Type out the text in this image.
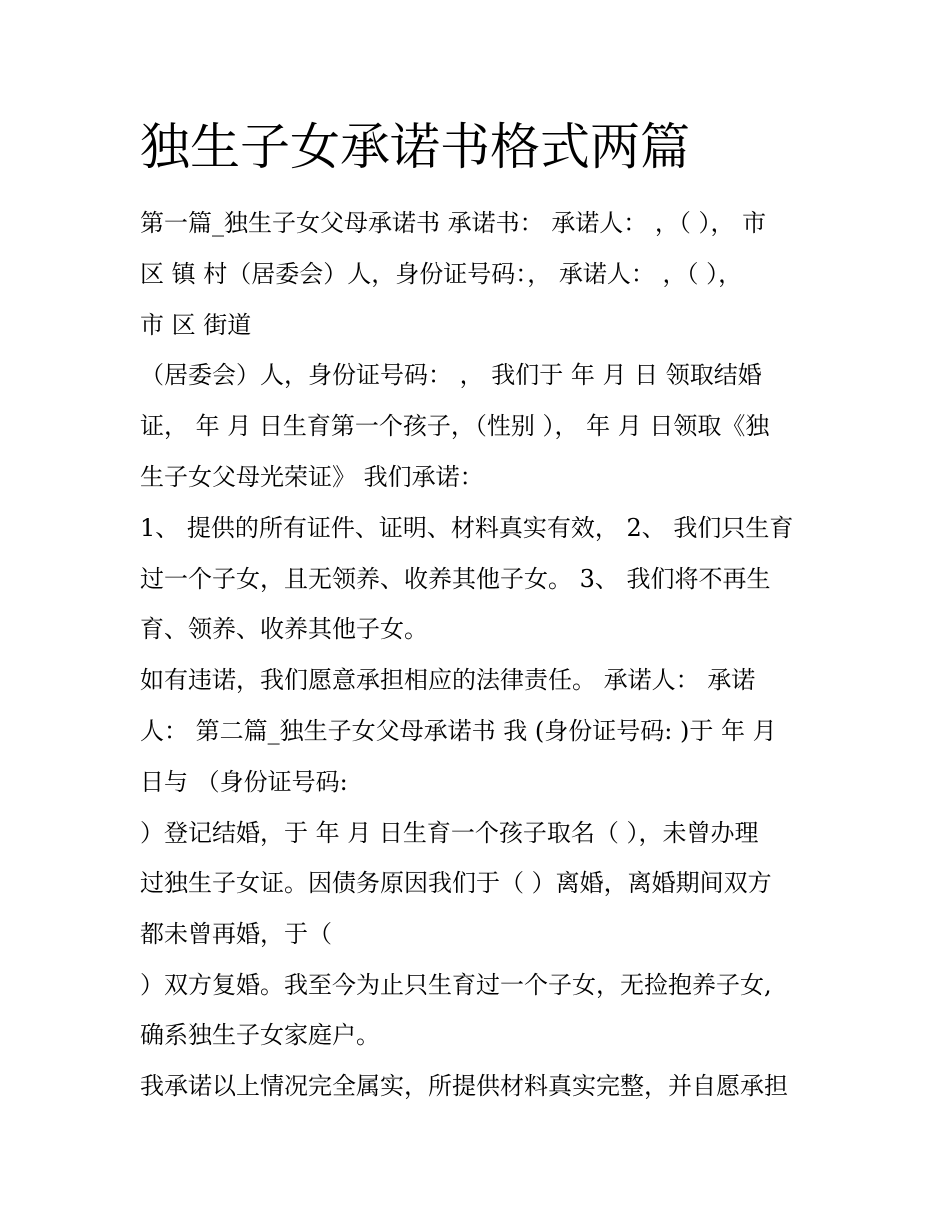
独生子女承诺书格式两篇

第一篇_独生子女父母承诺书 承诺书： 承诺人： ，（ ）， 市

区 镇 村（居委会）人，身份证号码：， 承诺人： ，（ ），

市 区 街道

（居委会）人，身份证号码： ， 我们于 年 月 日 领取结婚

证， 年 月 日生育第一个孩子，（性别 ）， 年 月 日领取《独

生子女父母光荣证》 我们承诺：

1、 提供的所有证件、证明、材料真实有效， 2、 我们只生育

过一个子女，且无领养、收养其他子女。 3、 我们将不再生

育、领养、收养其他子女。

如有违诺，我们愿意承担相应的法律责任。 承诺人： 承诺

人： 第二篇_独生子女父母承诺书 我 (身份证号码: )于 年 月

日与 （身份证号码:

）登记结婚，于 年 月 日生育一个孩子取名（ ），未曾办理

过独生子女证。因债务原因我们于（ ）离婚，离婚期间双方

都未曾再婚，于（

）双方复婚。我至今为止只生育过一个子女，无捡抱养子女,

确系独生子女家庭户。

我承诺以上情况完全属实，所提供材料真实完整，并自愿承担
